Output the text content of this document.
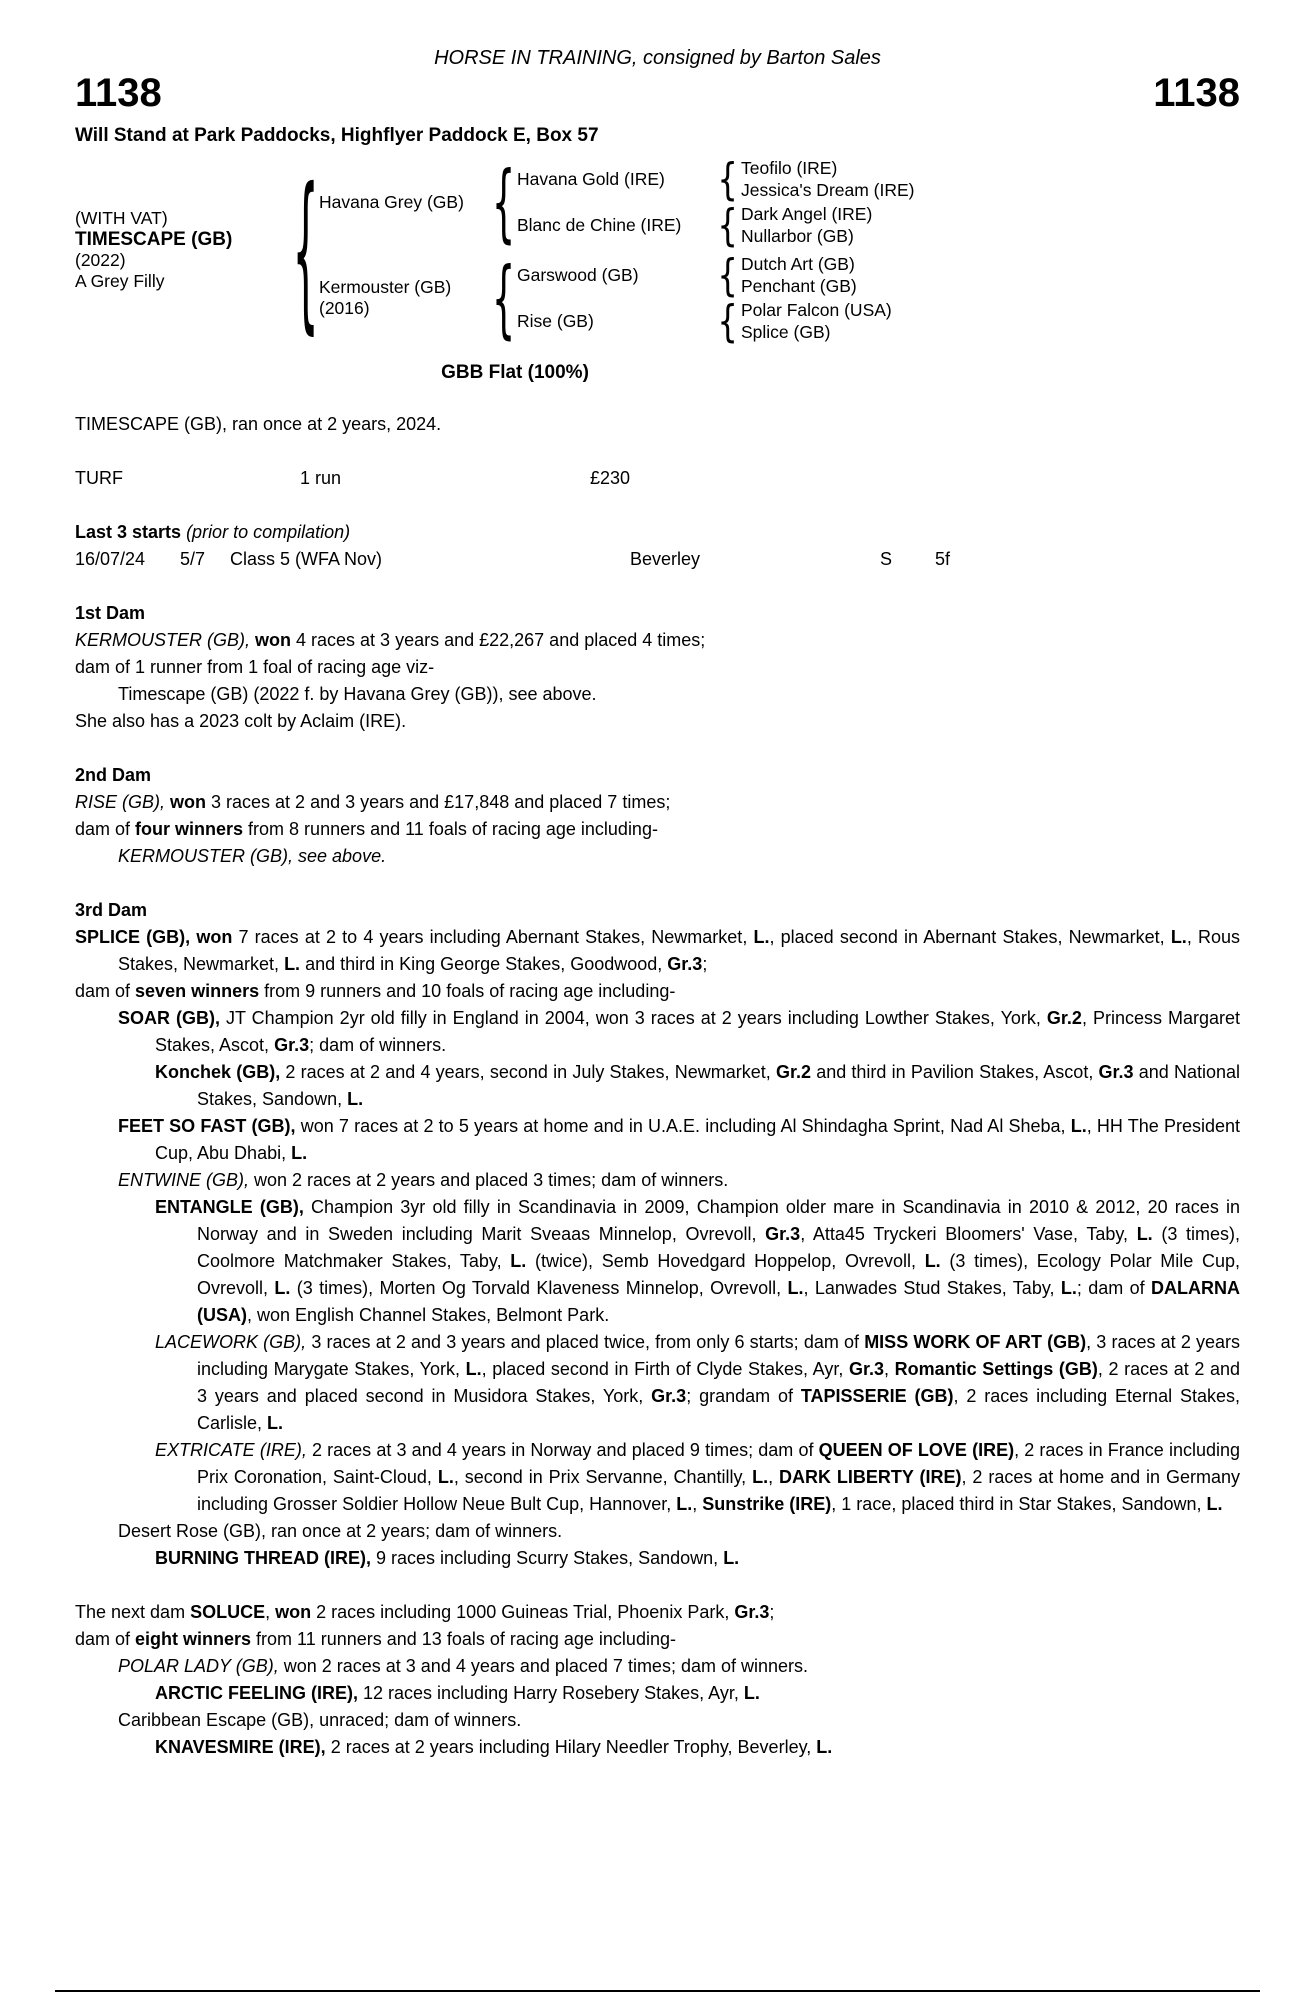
HORSE IN TRAINING, consigned by Barton Sales
1138	1138
Will Stand at Park Paddocks, Highflyer Paddock E, Box 57
(WITH VAT)
TIMESCAPE (GB)
(2022)
A Grey Filly	{ Havana Grey (GB) { Havana Gold (IRE)	{ Teofilo (IRE)
Jessica's Dream (IRE)
Blanc de Chine (IRE) { Dark Angel (IRE)
Nullarbor (GB)
Kermouster (GB)
(2016)	{ Garswood (GB)	{ Dutch Art (GB)
Penchant (GB)
Rise (GB)	{ Polar Falcon (USA)
Splice (GB)
GBB Flat (100%)
TIMESCAPE (GB), ran once at 2 years, 2024.
TURF	1 run	£230
Last 3 starts (prior to compilation)
16/07/24	5/7	Class 5 (WFA Nov)	Beverley	S	5f
1st Dam
KERMOUSTER (GB), won 4 races at 3 years and £22,267 and placed 4 times;
dam of 1 runner from 1 foal of racing age viz-
Timescape (GB) (2022 f. by Havana Grey (GB)), see above.
She also has a 2023 colt by Aclaim (IRE).
2nd Dam
RISE (GB), won 3 races at 2 and 3 years and £17,848 and placed 7 times;
dam of four winners from 8 runners and 11 foals of racing age including-
KERMOUSTER (GB), see above.
3rd Dam
SPLICE (GB), won 7 races at 2 to 4 years including Abernant Stakes, Newmarket, L., placed second in Abernant Stakes, Newmarket, L., Rous Stakes, Newmarket, L. and third in King George Stakes, Goodwood, Gr.3;
dam of seven winners from 9 runners and 10 foals of racing age including-
SOAR (GB), JT Champion 2yr old filly in England in 2004, won 3 races at 2 years including Lowther Stakes, York, Gr.2, Princess Margaret Stakes, Ascot, Gr.3; dam of winners.
Konchek (GB), 2 races at 2 and 4 years, second in July Stakes, Newmarket, Gr.2 and third in Pavilion Stakes, Ascot, Gr.3 and National Stakes, Sandown, L.
FEET SO FAST (GB), won 7 races at 2 to 5 years at home and in U.A.E. including Al Shindagha Sprint, Nad Al Sheba, L., HH The President Cup, Abu Dhabi, L.
ENTWINE (GB), won 2 races at 2 years and placed 3 times; dam of winners.
ENTANGLE (GB), Champion 3yr old filly in Scandinavia in 2009, Champion older mare in Scandinavia in 2010 & 2012, 20 races in Norway and in Sweden including Marit Sveaas Minnelop, Ovrevoll, Gr.3, Atta45 Tryckeri Bloomers' Vase, Taby, L. (3 times), Coolmore Matchmaker Stakes, Taby, L. (twice), Semb Hovedgard Hoppelop, Ovrevoll, L. (3 times), Ecology Polar Mile Cup, Ovrevoll, L. (3 times), Morten Og Torvald Klaveness Minnelop, Ovrevoll, L., Lanwades Stud Stakes, Taby, L.; dam of DALARNA (USA), won English Channel Stakes, Belmont Park.
LACEWORK (GB), 3 races at 2 and 3 years and placed twice, from only 6 starts; dam of MISS WORK OF ART (GB), 3 races at 2 years including Marygate Stakes, York, L., placed second in Firth of Clyde Stakes, Ayr, Gr.3, Romantic Settings (GB), 2 races at 2 and 3 years and placed second in Musidora Stakes, York, Gr.3; grandam of TAPISSERIE (GB), 2 races including Eternal Stakes, Carlisle, L.
EXTRICATE (IRE), 2 races at 3 and 4 years in Norway and placed 9 times; dam of QUEEN OF LOVE (IRE), 2 races in France including Prix Coronation, Saint-Cloud, L., second in Prix Servanne, Chantilly, L., DARK LIBERTY (IRE), 2 races at home and in Germany including Grosser Soldier Hollow Neue Bult Cup, Hannover, L., Sunstrike (IRE), 1 race, placed third in Star Stakes, Sandown, L.
Desert Rose (GB), ran once at 2 years; dam of winners.
BURNING THREAD (IRE), 9 races including Scurry Stakes, Sandown, L.
The next dam SOLUCE, won 2 races including 1000 Guineas Trial, Phoenix Park, Gr.3;
dam of eight winners from 11 runners and 13 foals of racing age including-
POLAR LADY (GB), won 2 races at 3 and 4 years and placed 7 times; dam of winners.
ARCTIC FEELING (IRE), 12 races including Harry Rosebery Stakes, Ayr, L.
Caribbean Escape (GB), unraced; dam of winners.
KNAVESMIRE (IRE), 2 races at 2 years including Hilary Needler Trophy, Beverley, L.
